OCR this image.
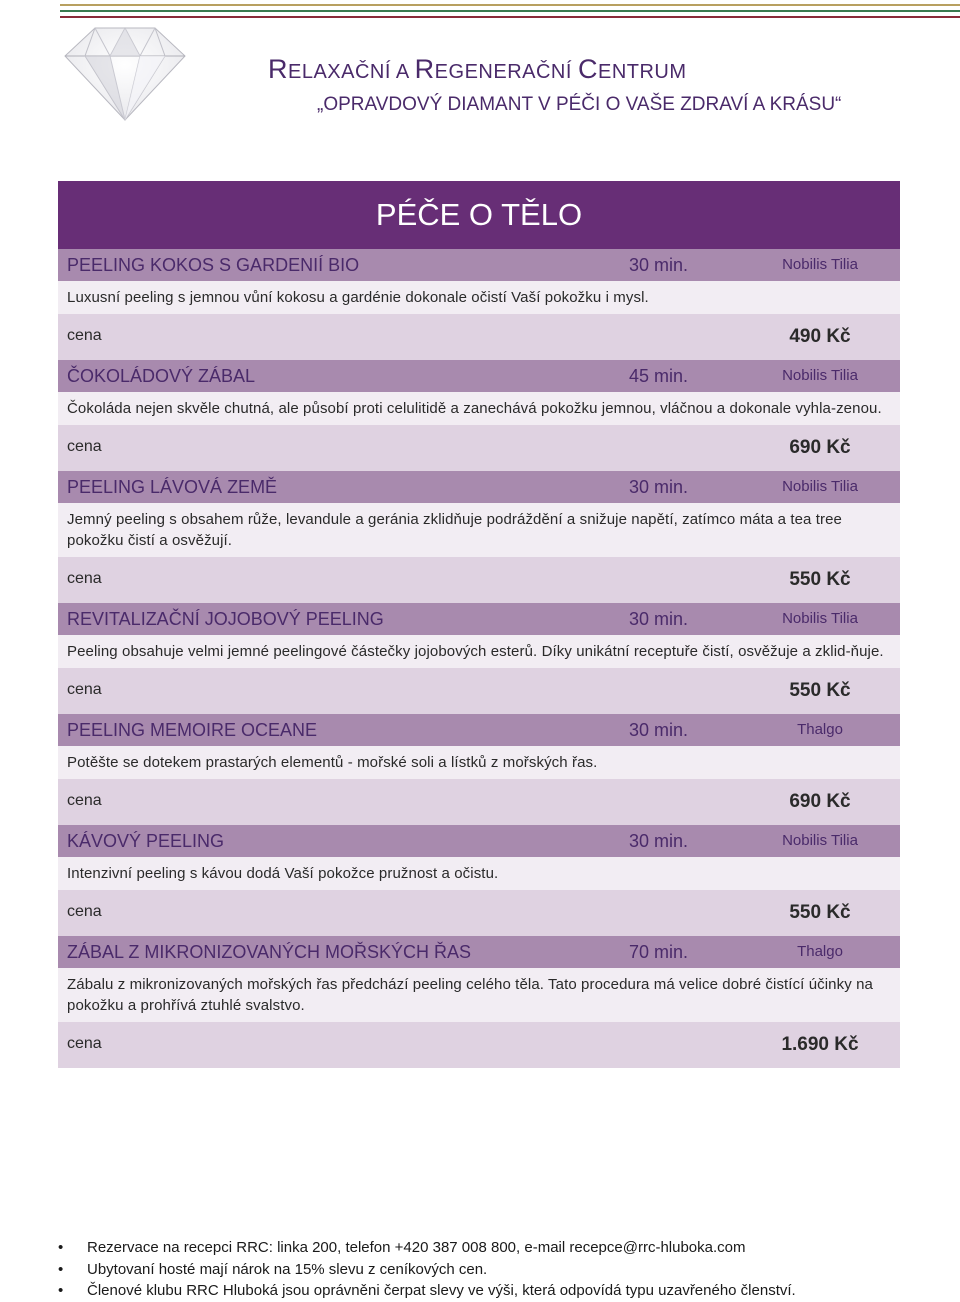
RELAXAČNÍ A REGENERAČNÍ CENTRUM
„OPRAVDOVÝ DIAMANT V PÉČI O VAŠE ZDRAVÍ A KRÁSU“
PÉČE O TĚLO
PEELING KOKOS S GARDENIÍ BIO	30 min.	Nobilis Tilia
Luxusní peeling s jemnou vůní kokosu a gardénie dokonale očistí Vaší pokožku i mysl.
cena	490 Kč
ČOKOLÁDOVÝ ZÁBAL	45 min.	Nobilis Tilia
Čokoláda nejen skvěle chutná, ale působí proti celulitidě a zanechává pokožku jemnou, vláčnou a dokonale vyhla-zenou.
cena	690 Kč
PEELING LÁVOVÁ ZEMĚ	30 min.	Nobilis Tilia
Jemný peeling s obsahem růže, levandule a geránia zklidňuje podráždění a snižuje napětí, zatímco máta a tea tree pokožku čistí a osvěžují.
cena	550 Kč
REVITALIZAČNÍ JOJOBOVÝ PEELING	30 min.	Nobilis Tilia
Peeling obsahuje velmi jemné peelingové částečky jojobových esterů. Díky unikátní receptuře čistí, osvěžuje a zklid-ňuje.
cena	550 Kč
PEELING MEMOIRE OCEANE	30 min.	Thalgo
Potěšte se dotekem prastarých elementů - mořské soli a lístků z mořských řas.
cena	690 Kč
KÁVOVÝ PEELING	30 min.	Nobilis Tilia
Intenzivní peeling s kávou dodá Vaší pokožce pružnost a očistu.
cena	550 Kč
ZÁBAL Z MIKRONIZOVANÝCH MOŘSKÝCH ŘAS	70 min.	Thalgo
Zábalu z mikronizovaných mořských řas předchází peeling celého těla. Tato procedura má velice dobré čistící účinky na pokožku a prohřívá ztuhlé svalstvo.
cena	1.690 Kč
• Rezervace na recepci RRC: linka 200, telefon +420 387 008 800, e-mail recepce@rrc-hluboka.com
• Ubytovaní hosté mají nárok na 15% slevu z ceníkových cen.
• Členové klubu RRC Hluboká jsou oprávněni čerpat slevy ve výši, která odpovídá typu uzavřeného členství.
